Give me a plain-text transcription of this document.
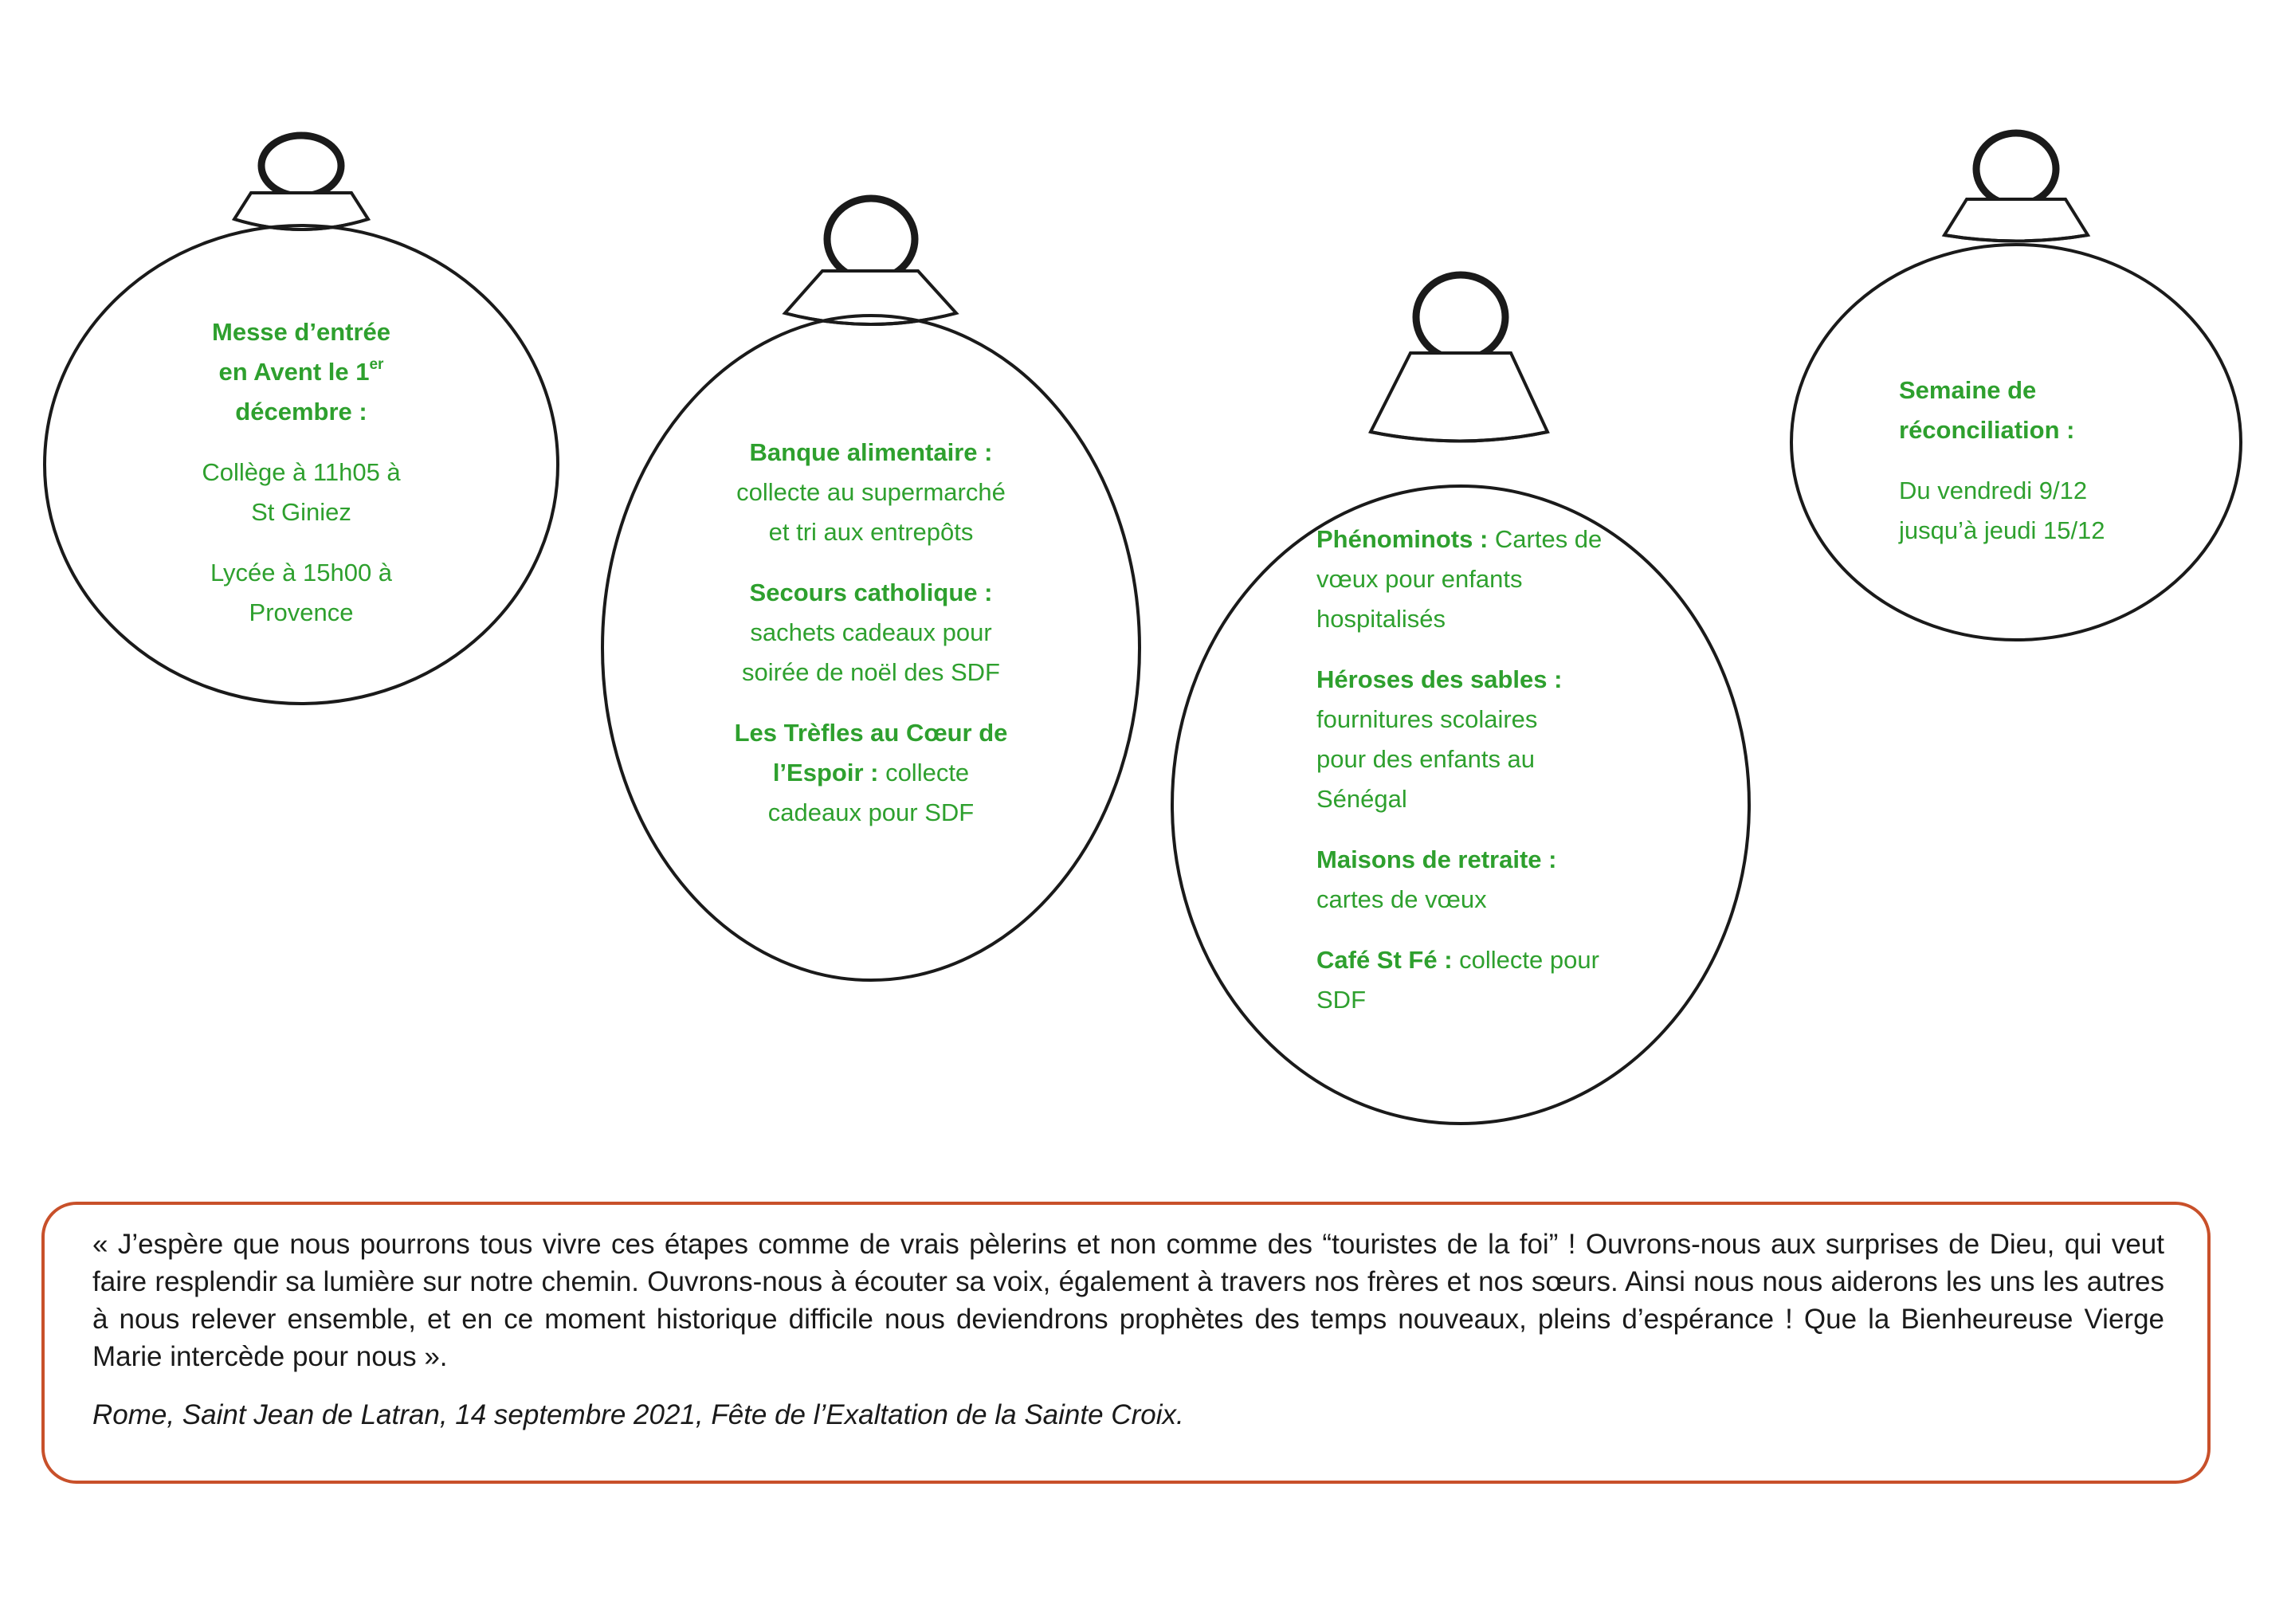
Messe d’entrée

en Avent le 1er

décembre :

Collège à 11h05 à

St Giniez

Lycée à 15h00 à

Provence

Banque alimentaire :

collecte au supermarché

et tri aux entrepôts

Secours catholique :

sachets cadeaux pour

soirée de noël des SDF

Les Trèfles au Cœur de

l’Espoir : collecte

cadeaux pour SDF

Phénominots : Cartes de

vœux pour enfants

hospitalisés

Héroses des sables :

fournitures scolaires

pour des enfants au

Sénégal

Maisons de retraite :

cartes de vœux

Café St Fé : collecte pour

SDF

Semaine de

réconciliation :

Du vendredi 9/12

jusqu’à jeudi 15/12

« J’espère que nous pourrons tous vivre ces étapes comme de vrais pèlerins et non comme des “touristes de la foi” ! Ouvrons-nous aux surprises de Dieu, qui veut faire resplendir sa lumière sur notre chemin. Ouvrons-nous à écouter sa voix, également à travers nos frères et nos sœurs. Ainsi nous nous aiderons les uns les autres à nous relever ensemble, et en ce moment historique difficile nous deviendrons prophètes des temps nouveaux, pleins d’espérance ! Que la Bienheureuse Vierge Marie intercède pour nous ».

Rome, Saint Jean de Latran, 14 septembre 2021, Fête de l’Exaltation de la Sainte Croix.
